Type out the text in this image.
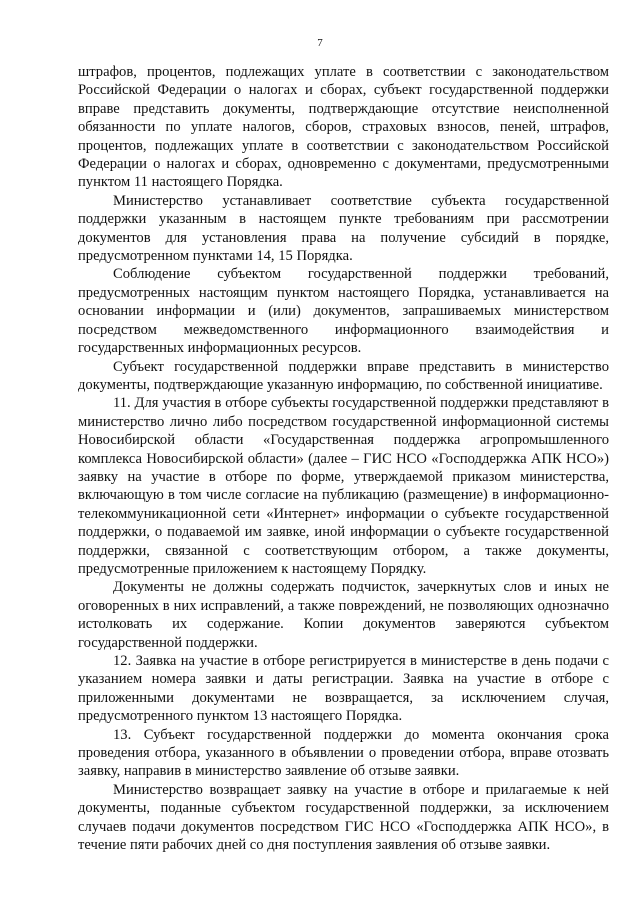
7

штрафов, процентов, подлежащих уплате в соответствии с законодательством Российской Федерации о налогах и сборах, субъект государственной поддержки вправе представить документы, подтверждающие отсутствие неисполненной обязанности по уплате налогов, сборов, страховых взносов, пеней, штрафов, процентов, подлежащих уплате в соответствии с законодательством Российской Федерации о налогах и сборах, одновременно с документами, предусмотренными пунктом 11 настоящего Порядка.

Министерство устанавливает соответствие субъекта государственной поддержки указанным в настоящем пункте требованиям при рассмотрении документов для установления права на получение субсидий в порядке, предусмотренном пунктами 14, 15 Порядка.

Соблюдение субъектом государственной поддержки требований, предусмотренных настоящим пунктом настоящего Порядка, устанавливается на основании информации и (или) документов, запрашиваемых министерством посредством межведомственного информационного взаимодействия и государственных информационных ресурсов.

Субъект государственной поддержки вправе представить в министерство документы, подтверждающие указанную информацию, по собственной инициативе.

11. Для участия в отборе субъекты государственной поддержки представляют в министерство лично либо посредством государственной информационной системы Новосибирской области «Государственная поддержка агропромышленного комплекса Новосибирской области» (далее – ГИС НСО «Господдержка АПК НСО») заявку на участие в отборе по форме, утверждаемой приказом министерства, включающую в том числе согласие на публикацию (размещение) в информационно-телекоммуникационной сети «Интернет» информации о субъекте государственной поддержки, о подаваемой им заявке, иной информации о субъекте государственной поддержки, связанной с соответствующим отбором, а также документы, предусмотренные приложением к настоящему Порядку.

Документы не должны содержать подчисток, зачеркнутых слов и иных не оговоренных в них исправлений, а также повреждений, не позволяющих однозначно истолковать их содержание. Копии документов заверяются субъектом государственной поддержки.

12. Заявка на участие в отборе регистрируется в министерстве в день подачи с указанием номера заявки и даты регистрации. Заявка на участие в отборе с приложенными документами не возвращается, за исключением случая, предусмотренного пунктом 13 настоящего Порядка.

13. Субъект государственной поддержки до момента окончания срока проведения отбора, указанного в объявлении о проведении отбора, вправе отозвать заявку, направив в министерство заявление об отзыве заявки.

Министерство возвращает заявку на участие в отборе и прилагаемые к ней документы, поданные субъектом государственной поддержки, за исключением случаев подачи документов посредством ГИС НСО «Господдержка АПК НСО», в течение пяти рабочих дней со дня поступления заявления об отзыве заявки.
